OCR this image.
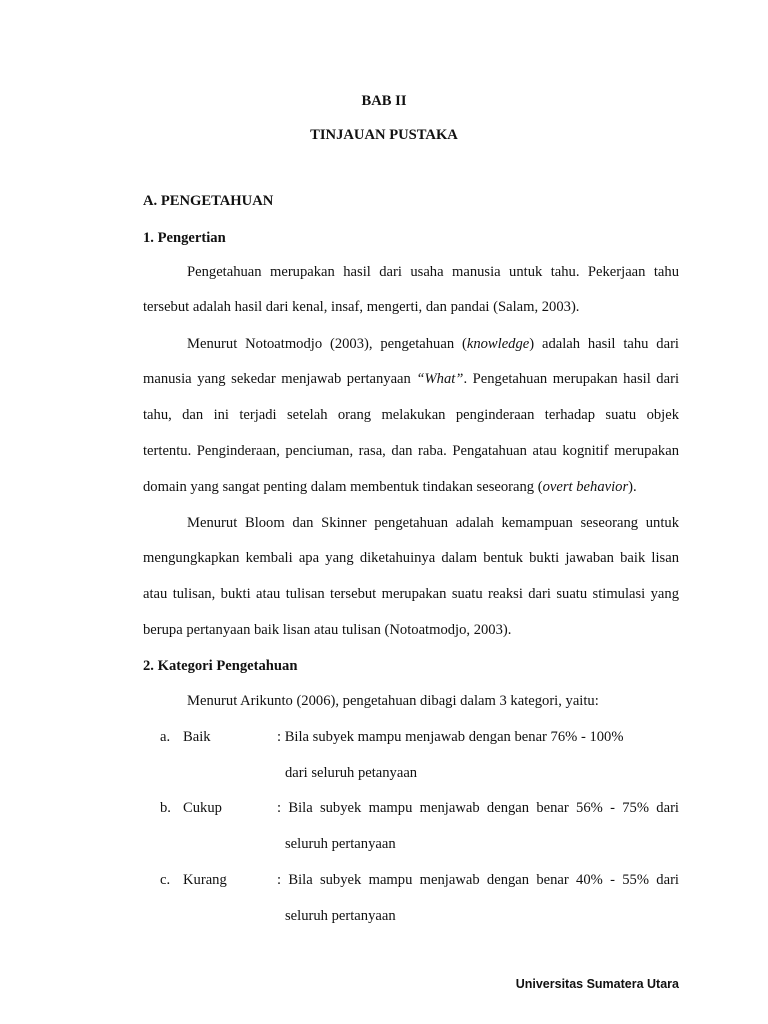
BAB II
TINJAUAN PUSTAKA
A. PENGETAHUAN
1. Pengertian
Pengetahuan merupakan hasil dari usaha manusia untuk tahu. Pekerjaan tahu
tersebut adalah hasil dari kenal, insaf, mengerti, dan pandai (Salam, 2003).
Menurut Notoatmodjo (2003), pengetahuan (knowledge) adalah hasil tahu dari
manusia yang sekedar menjawab pertanyaan “What”. Pengetahuan merupakan hasil dari
tahu, dan ini terjadi setelah orang melakukan penginderaan terhadap suatu objek
tertentu. Penginderaan, penciuman, rasa, dan raba. Pengatahuan atau kognitif merupakan
domain yang sangat penting dalam membentuk tindakan seseorang (overt behavior).
Menurut Bloom dan Skinner pengetahuan adalah kemampuan seseorang untuk
mengungkapkan kembali apa yang diketahuinya dalam bentuk bukti jawaban baik lisan
atau tulisan, bukti atau tulisan tersebut merupakan suatu reaksi dari suatu stimulasi yang
berupa pertanyaan baik lisan atau tulisan (Notoatmodjo, 2003).
2. Kategori Pengetahuan
Menurut Arikunto (2006), pengetahuan dibagi dalam 3 kategori, yaitu:
a. Baik	: Bila subyek mampu menjawab dengan benar 76% - 100%
dari seluruh petanyaan
b. Cukup	: Bila subyek mampu menjawab dengan benar 56% - 75% dari
seluruh pertanyaan
c. Kurang	: Bila subyek mampu menjawab dengan benar 40% - 55% dari
seluruh pertanyaan
Universitas Sumatera Utara
